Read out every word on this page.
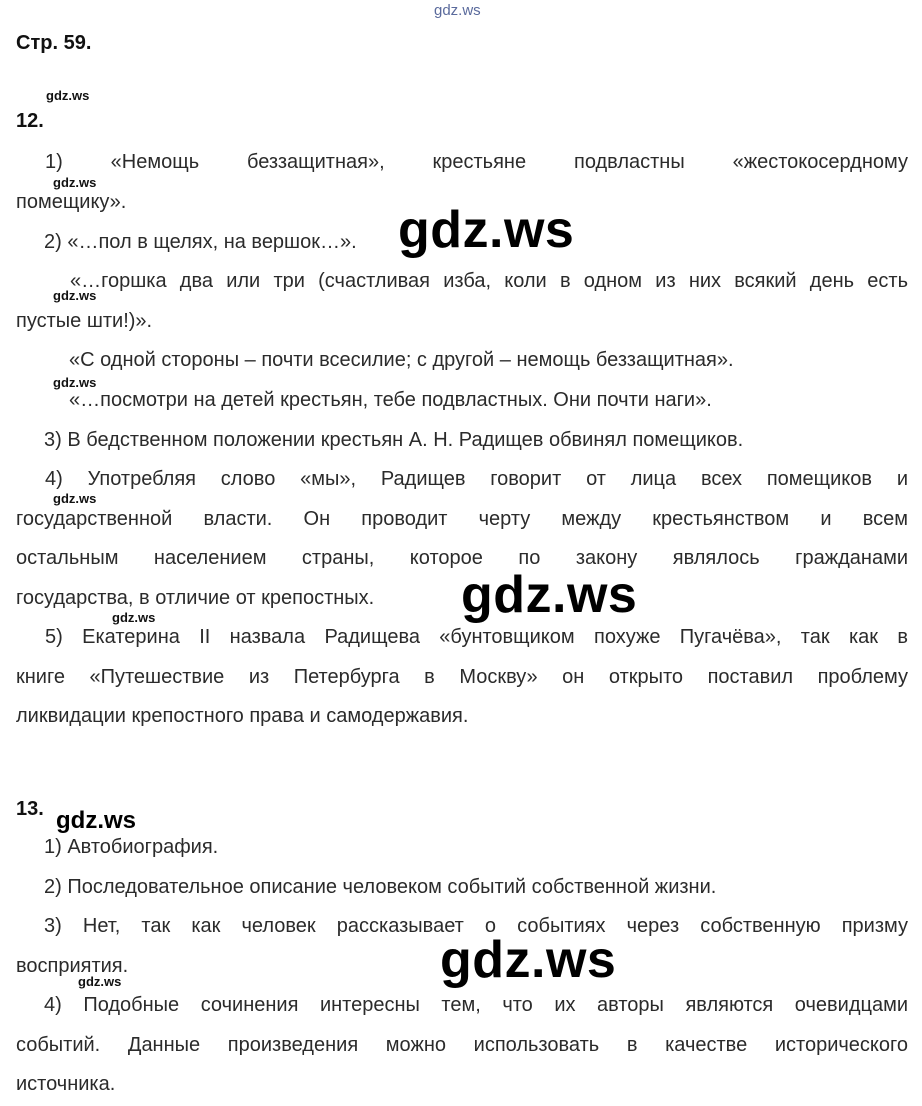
gdz.ws
Стр. 59.
gdz.ws
12.
1) «Немощь беззащитная», крестьяне подвластны «жестокосердному
gdz.ws
помещику».
2) «…пол в щелях, на вершок…».
«…горшка два или три (счастливая изба, коли в одном из них всякий день есть
gdz.ws
пустые шти!)».
«С одной стороны – почти всесилие; с другой – немощь беззащитная».
gdz.ws
«…посмотри на детей крестьян, тебе подвластных. Они почти наги».
3) В бедственном положении крестьян А. Н. Радищев обвинял помещиков.
4) Употребляя слово «мы», Радищев говорит от лица всех помещиков и
gdz.ws
государственной власти. Он проводит черту между крестьянством и всем
остальным населением страны, которое по закону являлось гражданами
государства, в отличие от крепостных.
gdz.ws
5) Екатерина II назвала Радищева «бунтовщиком похуже Пугачёва», так как в
книге «Путешествие из Петербурга в Москву» он открыто поставил проблему
ликвидации крепостного права и самодержавия.
13. gdz.ws
1) Автобиография.
2) Последовательное описание человеком событий собственной жизни.
3) Нет, так как человек рассказывает о событиях через собственную призму
восприятия.
gdz.ws
4) Подобные сочинения интересны тем, что их авторы являются очевидцами
событий. Данные произведения можно использовать в качестве исторического
источника.
gdz.ws
gdz.ws
gdz.ws
